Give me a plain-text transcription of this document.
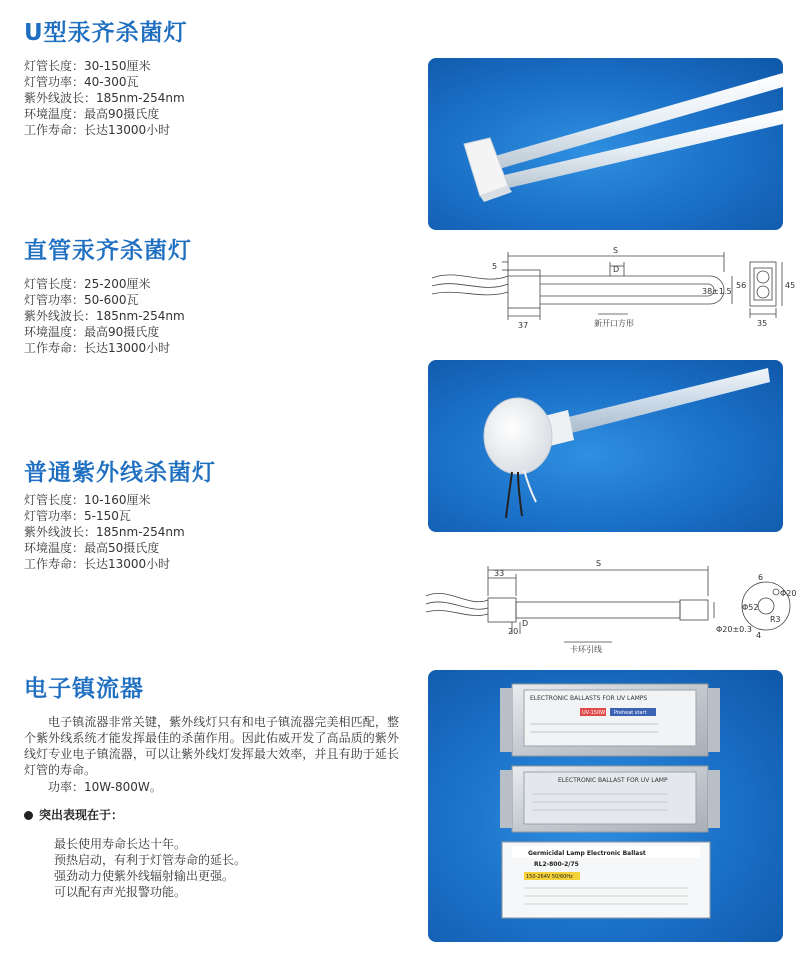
U型汞齐杀菌灯
灯管长度：30-150厘米
灯管功率：40-300瓦
紫外线波长：185nm-254nm
环境温度：最高90摄氏度
工作寿命：长达13000小时
直管汞齐杀菌灯
灯管长度：25-200厘米
灯管功率：50-600瓦
紫外线波长：185nm-254nm
环境温度：最高90摄氏度
工作寿命：长达13000小时
S
D
5
37
38±1.5
56	45
35
新开口方形
普通紫外线杀菌灯
灯管长度：10-160厘米
灯管功率：5-150瓦
紫外线波长：185nm-254nm
环境温度：最高50摄氏度
工作寿命：长达13000小时	S
33
20
D
Φ20±0.3
Φ52
Φ20
R3
6
4
卡环引线
电子镇流器

电子镇流器非常关键，紫外线灯只有和电子镇流器完美相匹配，整个紫外线系统才能发挥最佳的杀菌作用。因此佑威开发了高品质的紫外线灯专业电子镇流器，可以让紫外线灯发挥最大效率，并且有助于延长灯管的寿命。

功率：10W-800W。

突出表现在于：

最长使用寿命长达十年。
预热启动，有利于灯管寿命的延长。
强劲动力使紫外线辐射输出更强。
可以配有声光报警功能。
ELECTRONIC BALLASTS FOR UV LAMPS
UV-150W Preheat start
ELECTRONIC BALLAST FOR UV LAMP
Germicidal Lamp Electronic Ballast
RL2-800-2/75
150-264V 50/60Hz
